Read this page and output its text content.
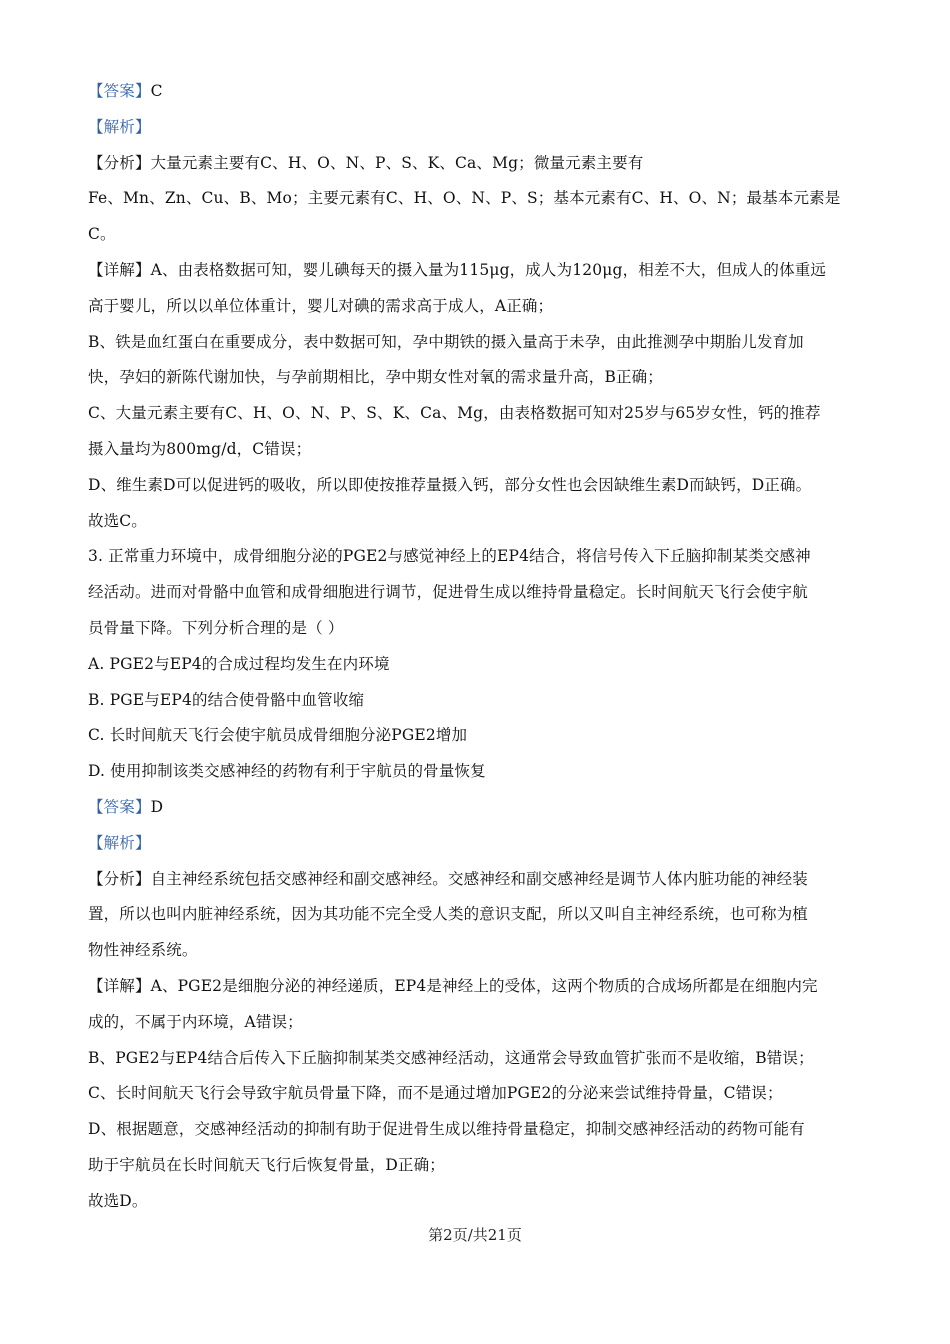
【答案】C
【解析】
【分析】大量元素主要有C、H、O、N、P、S、K、Ca、Mg；微量元素主要有
Fe、Mn、Zn、Cu、B、Mo；主要元素有C、H、O、N、P、S；基本元素有C、H、O、N；最基本元素是
C。
【详解】A、由表格数据可知，婴儿碘每天的摄入量为115μg，成人为120μg，相差不大，但成人的体重远
高于婴儿，所以以单位体重计，婴儿对碘的需求高于成人，A正确；
B、铁是血红蛋白在重要成分，表中数据可知，孕中期铁的摄入量高于未孕，由此推测孕中期胎儿发育加
快，孕妇的新陈代谢加快，与孕前期相比，孕中期女性对氧的需求量升高，B正确；
C、大量元素主要有C、H、O、N、P、S、K、Ca、Mg，由表格数据可知对25岁与65岁女性，钙的推荐
摄入量均为800mg/d，C错误；
D、维生素D可以促进钙的吸收，所以即使按推荐量摄入钙，部分女性也会因缺维生素D而缺钙，D正确。
故选C。
3. 正常重力环境中，成骨细胞分泌的PGE2与感觉神经上的EP4结合，将信号传入下丘脑抑制某类交感神
经活动。进而对骨骼中血管和成骨细胞进行调节，促进骨生成以维持骨量稳定。长时间航天飞行会使宇航
员骨量下降。下列分析合理的是（ ）
A. PGE2与EP4的合成过程均发生在内环境
B. PGE与EP4的结合使骨骼中血管收缩
C. 长时间航天飞行会使宇航员成骨细胞分泌PGE2增加
D. 使用抑制该类交感神经的药物有利于宇航员的骨量恢复
【答案】D
【解析】
【分析】自主神经系统包括交感神经和副交感神经。交感神经和副交感神经是调节人体内脏功能的神经装
置，所以也叫内脏神经系统，因为其功能不完全受人类的意识支配，所以又叫自主神经系统，也可称为植
物性神经系统。
【详解】A、PGE2是细胞分泌的神经递质，EP4是神经上的受体，这两个物质的合成场所都是在细胞内完
成的，不属于内环境，A错误；
B、PGE2与EP4结合后传入下丘脑抑制某类交感神经活动，这通常会导致血管扩张而不是收缩，B错误；
C、长时间航天飞行会导致宇航员骨量下降，而不是通过增加PGE2的分泌来尝试维持骨量，C错误；
D、根据题意，交感神经活动的抑制有助于促进骨生成以维持骨量稳定，抑制交感神经活动的药物可能有
助于宇航员在长时间航天飞行后恢复骨量，D正确；
故选D。
第2页/共21页
